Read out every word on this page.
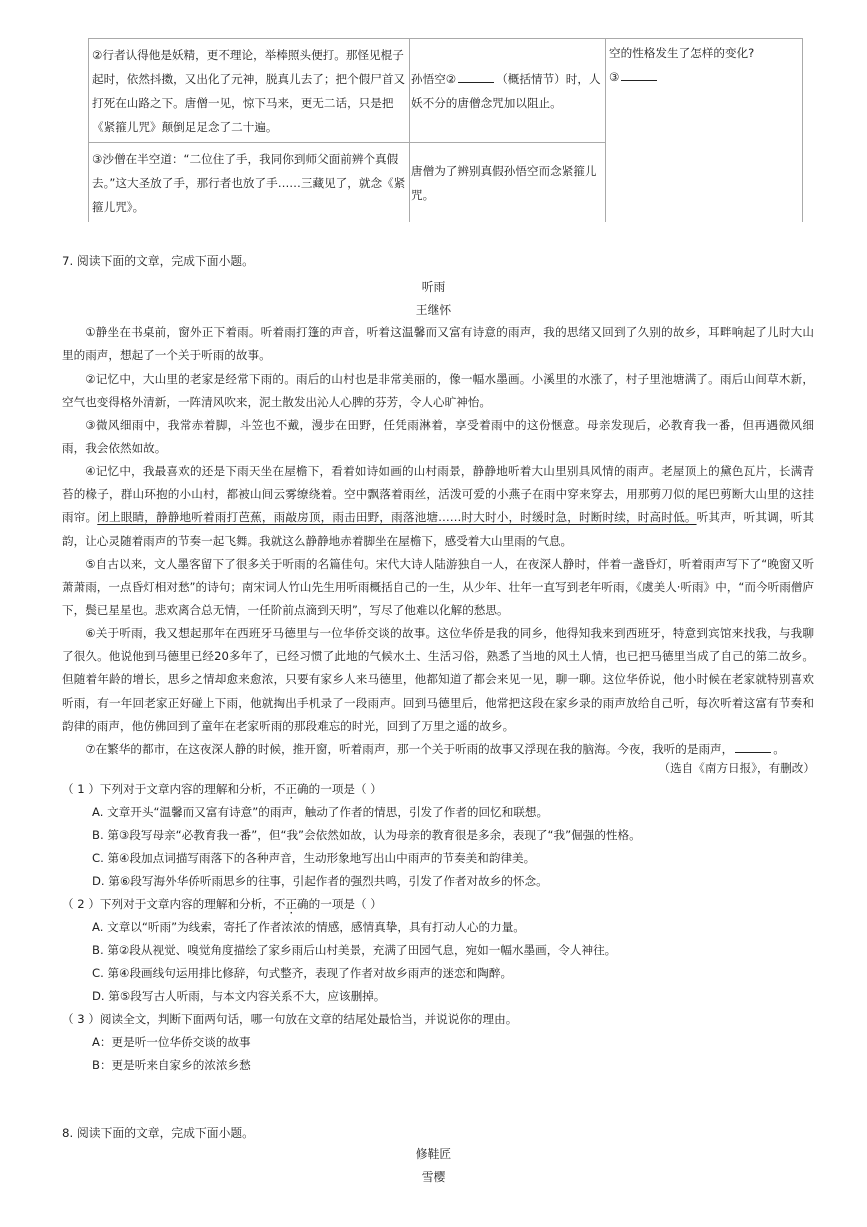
②行者认得他是妖精，更不理论，举棒照头便打。那怪见棍子起时，依然抖擞，又出化了元神，脱真儿去了；把个假尸首又打死在山路之下。唐僧一见，惊下马来，更无二话，只是把《紧箍儿咒》颠倒足足念了二十遍。	孙悟空② （概括情节）时，人妖不分的唐僧念咒加以阻止。	空的性格发生了怎样的变化?
③

③沙僧在半空道：“二位住了手，我同你到师父面前辨个真假去。”这大圣放了手，那行者也放了手……三藏见了，就念《紧箍儿咒》。	唐僧为了辨别真假孙悟空而念紧箍儿咒。	
7. 阅读下面的文章，完成下面小题。
听雨
王继怀
①静坐在书桌前，窗外正下着雨。听着雨打篷的声音，听着这温馨而又富有诗意的雨声，我的思绪又回到了久别的故乡，耳畔响起了儿时大山里的雨声，想起了一个关于听雨的故事。
②记忆中，大山里的老家是经常下雨的。雨后的山村也是非常美丽的，像一幅水墨画。小溪里的水涨了，村子里池塘满了。雨后山间草木新，空气也变得格外清新，一阵清风吹来，泥土散发出沁人心脾的芬芳，令人心旷神怡。
③微风细雨中，我常赤着脚，斗笠也不戴，漫步在田野，任凭雨淋着，享受着雨中的这份惬意。母亲发现后，必教育我一番，但再遇微风细雨，我会依然如故。
④记忆中，我最喜欢的还是下雨天坐在屋檐下，看着如诗如画的山村雨景，静静地听着大山里别具风情的雨声。老屋顶上的黛色瓦片，长满青苔的椽子，群山环抱的小山村，都被山间云雾缭绕着。空中飘落着雨丝，活泼可爱的小燕子在雨中穿来穿去，用那剪刀似的尾巴剪断大山里的这挂雨帘。闭上眼睛，静静地听着雨打芭蕉，雨敲房顶，雨击田野，雨落池塘……时大时小，时缓时急，时断时续，时高时低。听其声，听其调，听其韵，让心灵随着雨声的节奏一起飞舞。我就这么静静地赤着脚坐在屋檐下，感受着大山里雨的气息。
⑤自古以来，文人墨客留下了很多关于听雨的名篇佳句。宋代大诗人陆游独自一人，在夜深人静时，伴着一盏昏灯，听着雨声写下了“晚窗又听萧萧雨，一点昏灯相对愁”的诗句；南宋词人竹山先生用听雨概括自己的一生，从少年、壮年一直写到老年听雨，《虞美人·听雨》中，“而今听雨僧庐下，鬓已星星也。悲欢离合总无情，一任阶前点滴到天明”，写尽了他难以化解的愁思。
⑥关于听雨，我又想起那年在西班牙马德里与一位华侨交谈的故事。这位华侨是我的同乡，他得知我来到西班牙，特意到宾馆来找我，与我聊了很久。他说他到马德里已经20多年了，已经习惯了此地的气候水土、生活习俗，熟悉了当地的风土人情，也已把马德里当成了自己的第二故乡。但随着年龄的增长，思乡之情却愈来愈浓，只要有家乡人来马德里，他都知道了都会来见一见，聊一聊。这位华侨说，他小时候在老家就特别喜欢听雨，有一年回老家正好碰上下雨，他就掏出手机录了一段雨声。回到马德里后，他常把这段在家乡录的雨声放给自己听，每次听着这富有节奏和韵律的雨声，他仿佛回到了童年在老家听雨的那段难忘的时光，回到了万里之遥的故乡。
⑦在繁华的都市，在这夜深人静的时候，推开窗，听着雨声，那一个关于听雨的故事又浮现在我的脑海。今夜，我听的是雨声，	。
（选自《南方日报》，有删改）
（ 1 ）下列对于文章内容的理解和分析，不正确的一项是（ ）
A. 文章开头“温馨而又富有诗意”的雨声，触动了作者的情思，引发了作者的回忆和联想。
B. 第③段写母亲“必教育我一番”，但“我”会依然如故，认为母亲的教育很是多余，表现了“我”倔强的性格。
C. 第④段加点词描写雨落下的各种声音，生动形象地写出山中雨声的节奏美和韵律美。
D. 第⑥段写海外华侨听雨思乡的往事，引起作者的强烈共鸣，引发了作者对故乡的怀念。
（ 2 ）下列对于文章内容的理解和分析，不正确的一项是（ ）
A. 文章以“听雨”为线索，寄托了作者浓浓的情感，感情真挚，具有打动人心的力量。
B. 第②段从视觉、嗅觉角度描绘了家乡雨后山村美景，充满了田园气息，宛如一幅水墨画，令人神往。
C. 第④段画线句运用排比修辞，句式整齐，表现了作者对故乡雨声的迷恋和陶醉。
D. 第⑤段写古人听雨，与本文内容关系不大，应该删掉。
（ 3 ）阅读全文，判断下面两句话，哪一句放在文章的结尾处最恰当，并说说你的理由。
A：更是听一位华侨交谈的故事
B：更是听来自家乡的浓浓乡愁
8. 阅读下面的文章，完成下面小题。
修鞋匠
雪樱
